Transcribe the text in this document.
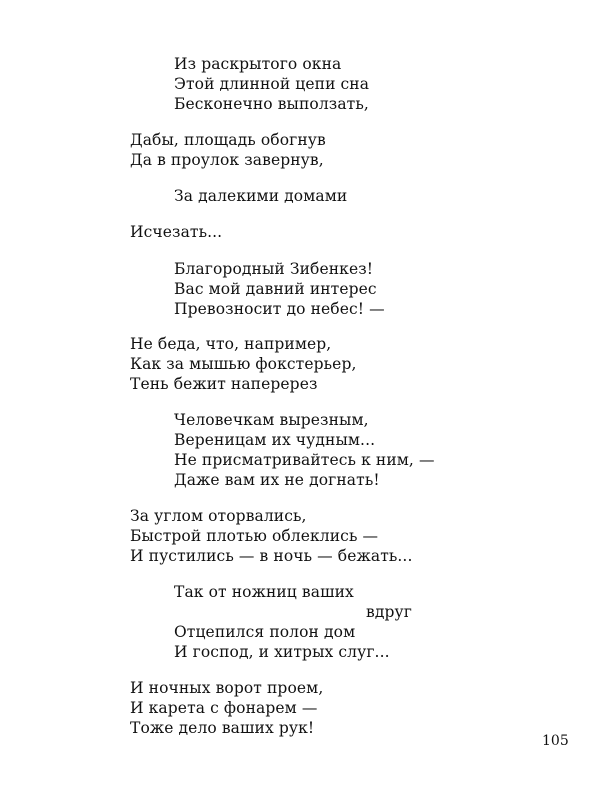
Из раскрытого окна
Этой длинной цепи сна
Бесконечно выползать,
Дабы, площадь обогнув
Да в проулок завернув,
За далекими домами
Исчезать...
Благородный Зибенкез!
Вас мой давний интерес
Превозносит до небес! —
Не беда, что, например,
Как за мышью фокстерьер,
Тень бежит наперерез
Человечкам вырезным,
Вереницам их чудным...
Не присматривайтесь к ним, —
Даже вам их не догнать!
За углом оторвались,
Быстрой плотью облеклись —
И пустились — в ночь — бежать...
Так от ножниц ваших
вдруг
Отцепился полон дом
И господ, и хитрых слуг...
И ночных ворот проем,
И карета с фонарем —
Тоже дело ваших рук!
105
